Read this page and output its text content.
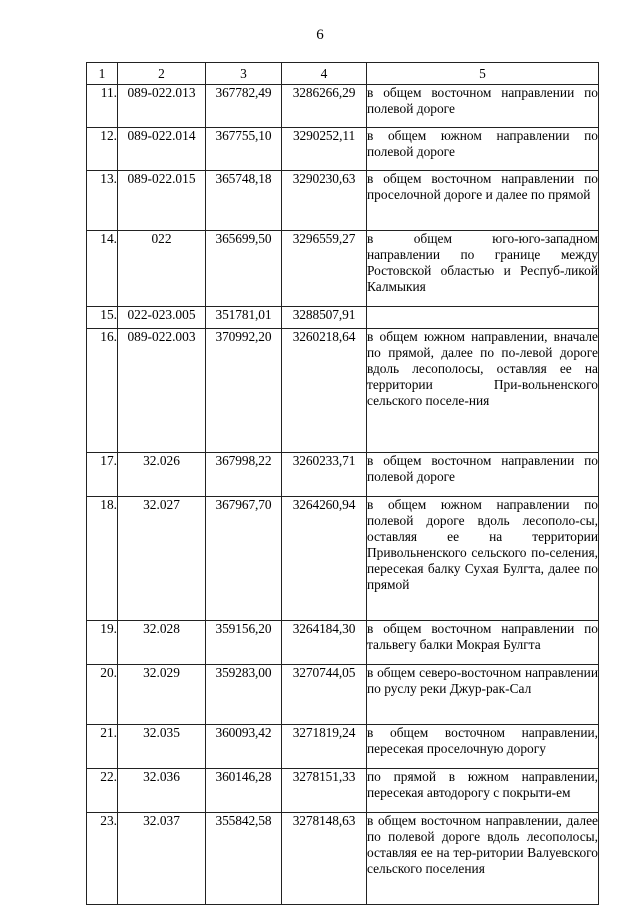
6
1	2	3	4	5
11.	089-022.013	367782,49	3286266,29	в общем восточном направлении по полевой дороге
12.	089-022.014	367755,10	3290252,11	в общем южном направлении по полевой дороге
13.	089-022.015	365748,18	3290230,63	в общем восточном направлении по проселочной дороге и далее по прямой
14.	022	365699,50	3296559,27	в общем юго-юго-западном направлении по границе между Ростовской областью и Респуб-ликой Калмыкия
15.	022-023.005	351781,01	3288507,91	
16.	089-022.003	370992,20	3260218,64	в общем южном направлении, вначале по прямой, далее по по-левой дороге вдоль лесополосы, оставляя ее на территории При-вольненского сельского поселе-ния
17.	32.026	367998,22	3260233,71	в общем восточном направлении по полевой дороге
18.	32.027	367967,70	3264260,94	в общем южном направлении по полевой дороге вдоль лесополо-сы, оставляя ее на территории Привольненского сельского по-селения, пересекая балку Сухая Булгта, далее по прямой
19.	32.028	359156,20	3264184,30	в общем восточном направлении по тальвегу балки Мокрая Булгта
20.	32.029	359283,00	3270744,05	в общем северо-восточном направлении по руслу реки Джур-рак-Сал
21.	32.035	360093,42	3271819,24	в общем восточном направлении, пересекая проселочную дорогу
22.	32.036	360146,28	3278151,33	по прямой в южном направлении, пересекая автодорогу с покрыти-ем
23.	32.037	355842,58	3278148,63	в общем восточном направлении, далее по полевой дороге вдоль лесополосы, оставляя ее на тер-ритории Валуевского сельского поселения
